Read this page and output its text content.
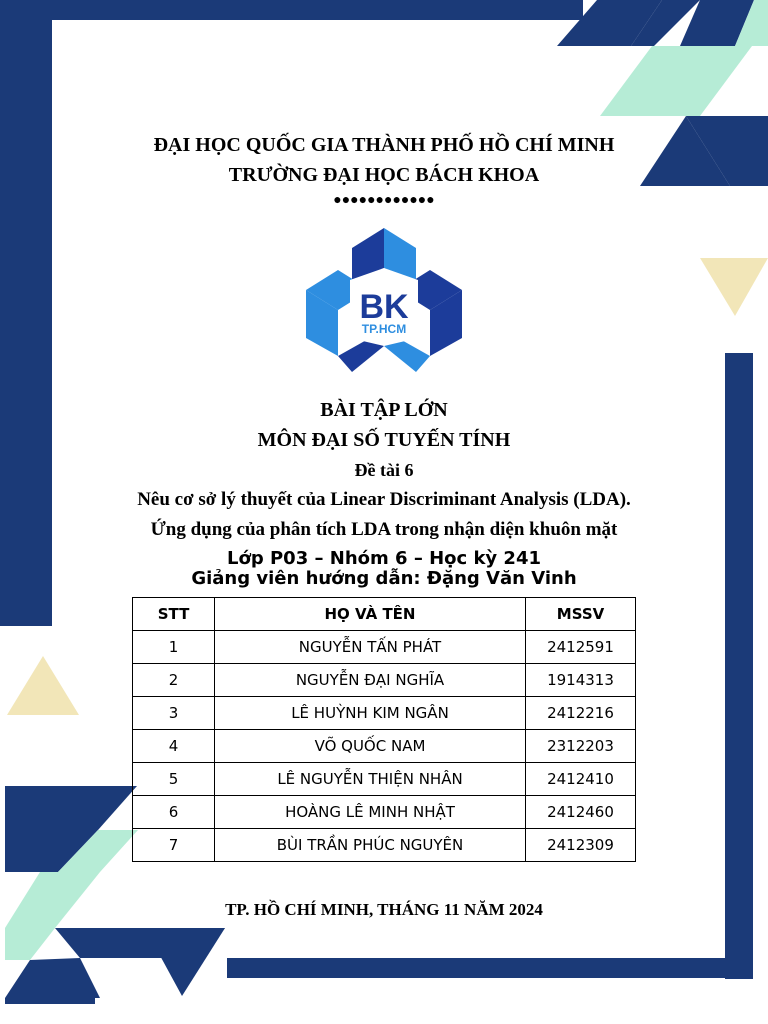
ĐẠI HỌC QUỐC GIA THÀNH PHỐ HỒ CHÍ MINH
TRƯỜNG ĐẠI HỌC BÁCH KHOA
●●●●●●●●●●●●
BK
TP.HCM
BÀI TẬP LỚN
MÔN ĐẠI SỐ TUYẾN TÍNH
Đề tài 6
Nêu cơ sở lý thuyết của Linear Discriminant Analysis (LDA).
Ứng dụng của phân tích LDA trong nhận diện khuôn mặt
Lớp P03 – Nhóm 6 – Học kỳ 241
Giảng viên hướng dẫn: Đặng Văn Vinh
STT	HỌ VÀ TÊN	MSSV
1	NGUYỄN TẤN PHÁT	2412591
2	NGUYỄN ĐẠI NGHĨA	1914313
3	LÊ HUỲNH KIM NGÂN	2412216
4	VÕ QUỐC NAM	2312203
5	LÊ NGUYỄN THIỆN NHÂN	2412410
6	HOÀNG LÊ MINH NHẬT	2412460
7	BÙI TRẦN PHÚC NGUYÊN	2412309
TP. HỒ CHÍ MINH, THÁNG 11 NĂM 2024
